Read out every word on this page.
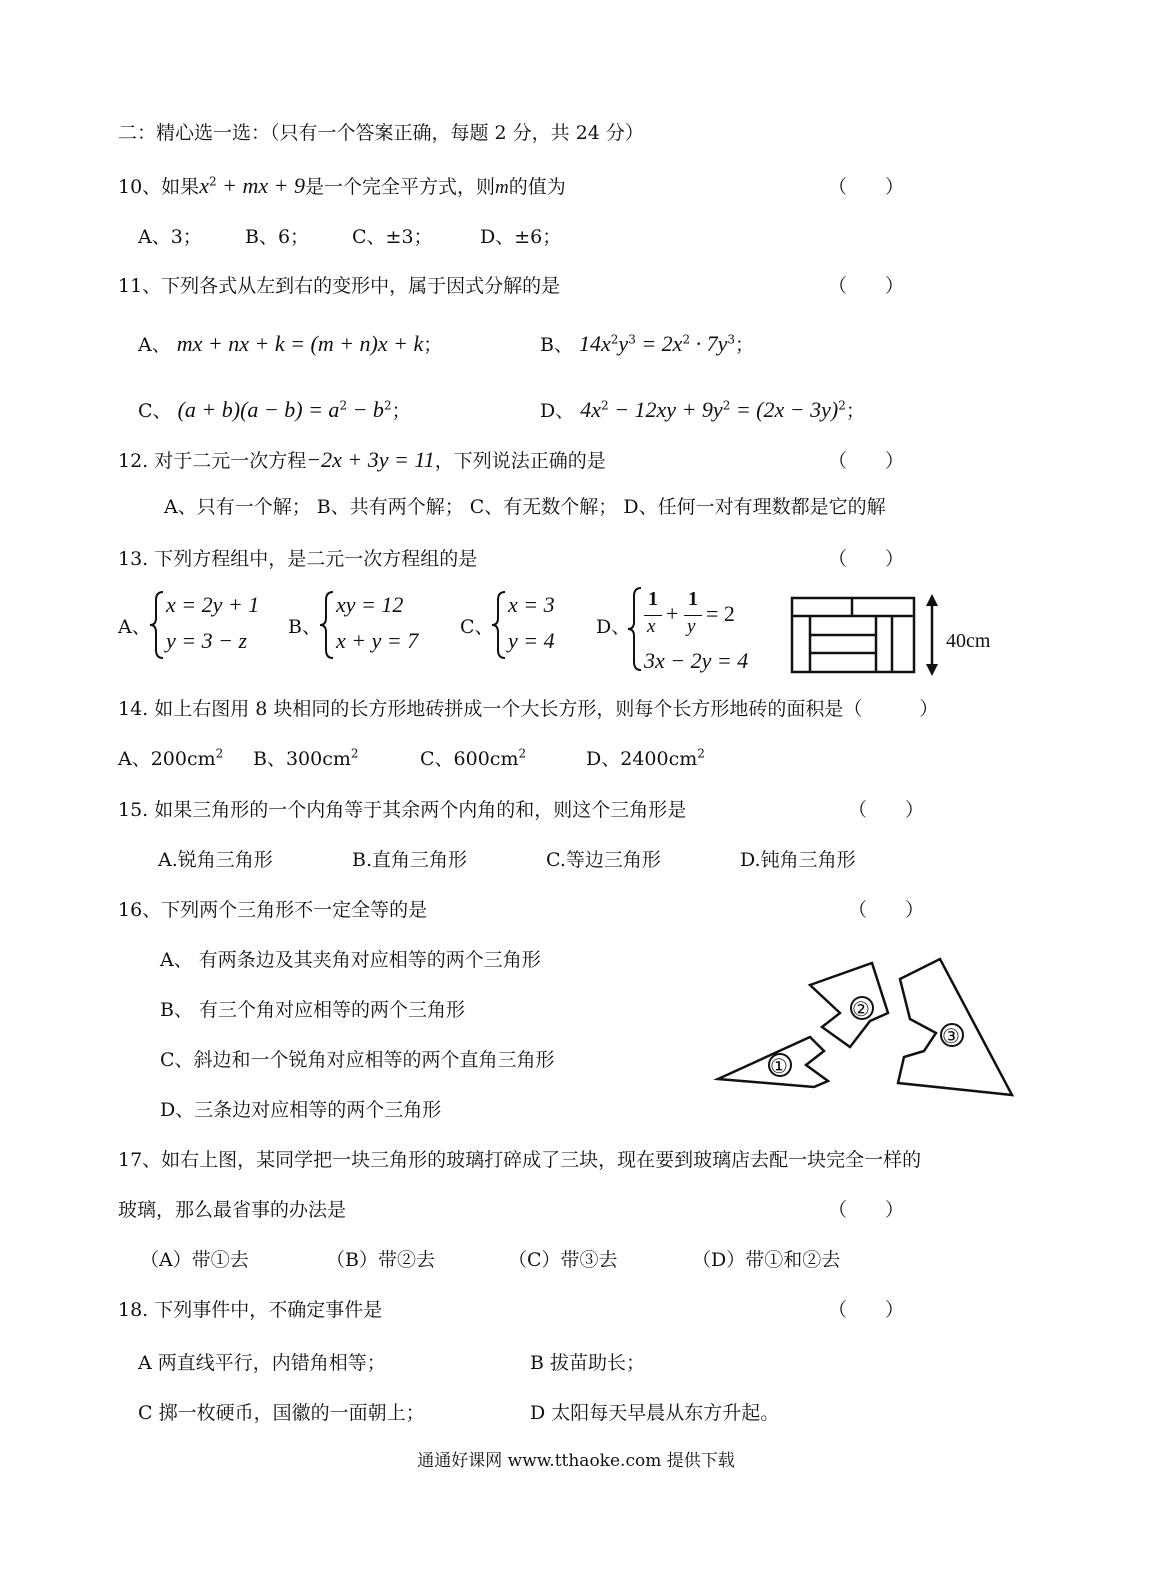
二：精心选一选：（只有一个答案正确，每题 2 分，共 24 分）
10、如果$x^2$ + mx + 9是一个完全平方式，则m的值为	（　　）
A、3； B、6； C、±3； D、±6；
11、下列各式从左到右的变形中，属于因式分解的是	（　　）
A、 mx + nx + k = (m + n)x + k；	B、 $14x^2y^3 = 2x^2 \cdot 7y^3$；
C、 $(a + b)(a - b) = a^2 - b^2$；	D、 $4x^2 - 12xy + 9y^2 = (2x - 3y)^2$；
12. 对于二元一次方程−2x + 3y = 11，下列说法正确的是	（　　）
A、只有一个解； B、共有两个解； C、有无数个解； D、任何一对有理数都是它的解
13. 下列方程组中，是二元一次方程组的是	（　　）
A、
x = 2y + 1
y = 3 − z
B、
xy = 12
x + y = 7
C、
x = 3
y = 4
D、
1
x
+
1
y
= 2
3x − 2y = 4
40cm
14. 如上右图用 8 块相同的长方形地砖拼成一个大长方形，则每个长方形地砖的面积是（　　　）
A、$200cm^2$ B、$300cm^2$	C、$600cm^2$	D、$2400cm^2$
15. 如果三角形的一个内角等于其余两个内角的和，则这个三角形是	（　　）
A.锐角三角形	B.直角三角形	C.等边三角形	D.钝角三角形
16、下列两个三角形不一定全等的是	（　　）
A、 有两条边及其夹角对应相等的两个三角形
B、 有三个角对应相等的两个三角形
C、斜边和一个锐角对应相等的两个直角三角形
D、三条边对应相等的两个三角形
①
②
③
17、如右上图，某同学把一块三角形的玻璃打碎成了三块，现在要到玻璃店去配一块完全一样的
玻璃，那么最省事的办法是	（　　）
（A）带①去	（B）带②去	（C）带③去	（D）带①和②去
18. 下列事件中，不确定事件是	（　　）
A 两直线平行，内错角相等；	B 拔苗助长；
C 掷一枚硬币，国徽的一面朝上；	D 太阳每天早晨从东方升起。
通通好课网 www.tthaoke.com 提供下载
